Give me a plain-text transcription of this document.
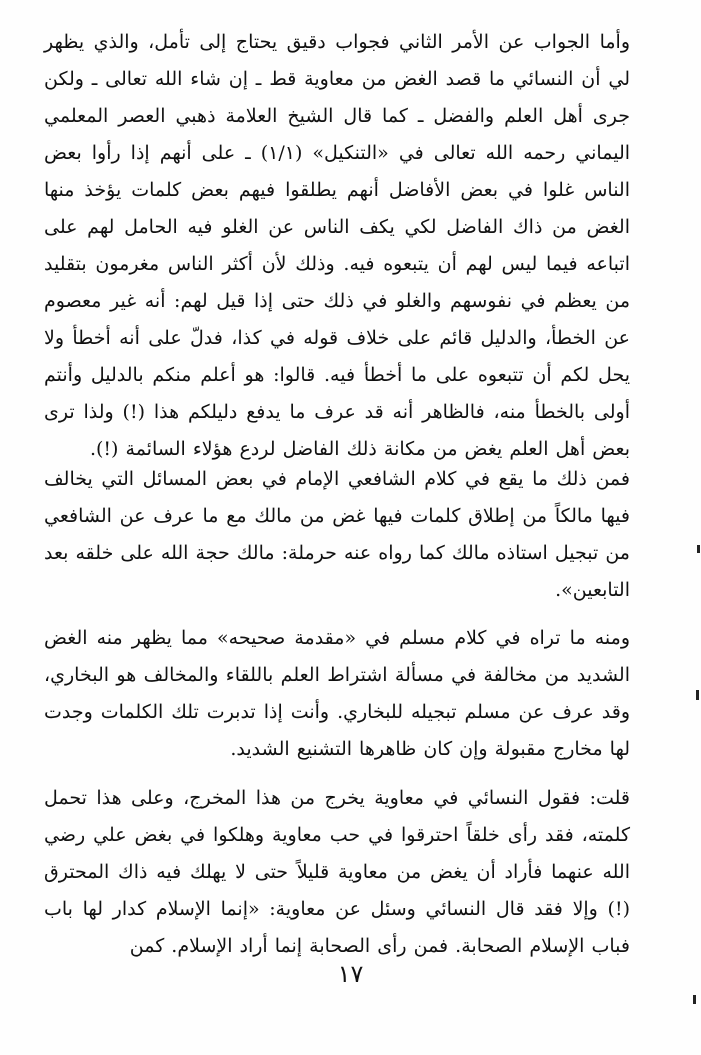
وأما الجواب عن الأمر الثاني فجواب دقيق يحتاج إلى تأمل، والذي يظهر لي أن النسائي ما قصد الغض من معاوية قط ـ إن شاء الله تعالى ـ ولكن جرى أهل العلم والفضل ـ كما قال الشيخ العلامة ذهبي العصر المعلمي اليماني رحمه الله تعالى في «التنكيل» (١/١) ـ على أنهم إذا رأوا بعض الناس غلوا في بعض الأفاضل أنهم يطلقوا فيهم بعض كلمات يؤخذ منها الغض من ذاك الفاضل لكي يكف الناس عن الغلو فيه الحامل لهم على اتباعه فيما ليس لهم أن يتبعوه فيه. وذلك لأن أكثر الناس مغرمون بتقليد من يعظم في نفوسهم والغلو في ذلك حتى إذا قيل لهم: أنه غير معصوم عن الخطأ، والدليل قائم على خلاف قوله في كذا، فدلّ على أنه أخطأ ولا يحل لكم أن تتبعوه على ما أخطأ فيه. قالوا: هو أعلم منكم بالدليل وأنتم أولى بالخطأ منه، فالظاهر أنه قد عرف ما يدفع دليلكم هذا (!) ولذا ترى بعض أهل العلم يغض من مكانة ذلك الفاضل لردع هؤلاء السائمة (!).

فمن ذلك ما يقع في كلام الشافعي الإمام في بعض المسائل التي يخالف فيها مالكاً من إطلاق كلمات فيها غض من مالك مع ما عرف عن الشافعي من تبجيل استاذه مالك كما رواه عنه حرملة: مالك حجة الله على خلقه بعد التابعين».

ومنه ما تراه في كلام مسلم في «مقدمة صحيحه» مما يظهر منه الغض الشديد من مخالفة في مسألة اشتراط العلم باللقاء والمخالف هو البخاري، وقد عرف عن مسلم تبجيله للبخاري. وأنت إذا تدبرت تلك الكلمات وجدت لها مخارج مقبولة وإن كان ظاهرها التشنيع الشديد.

قلت: فقول النسائي في معاوية يخرج من هذا المخرج، وعلى هذا تحمل كلمته، فقد رأى خلقاً احترقوا في حب معاوية وهلكوا في بغض علي رضي الله عنهما فأراد أن يغض من معاوية قليلاً حتى لا يهلك فيه ذاك المحترق (!) وإلا فقد قال النسائي وسئل عن معاوية: «إنما الإسلام كدار لها باب فباب الإسلام الصحابة. فمن رأى الصحابة إنما أراد الإسلام. كمن

١٧
